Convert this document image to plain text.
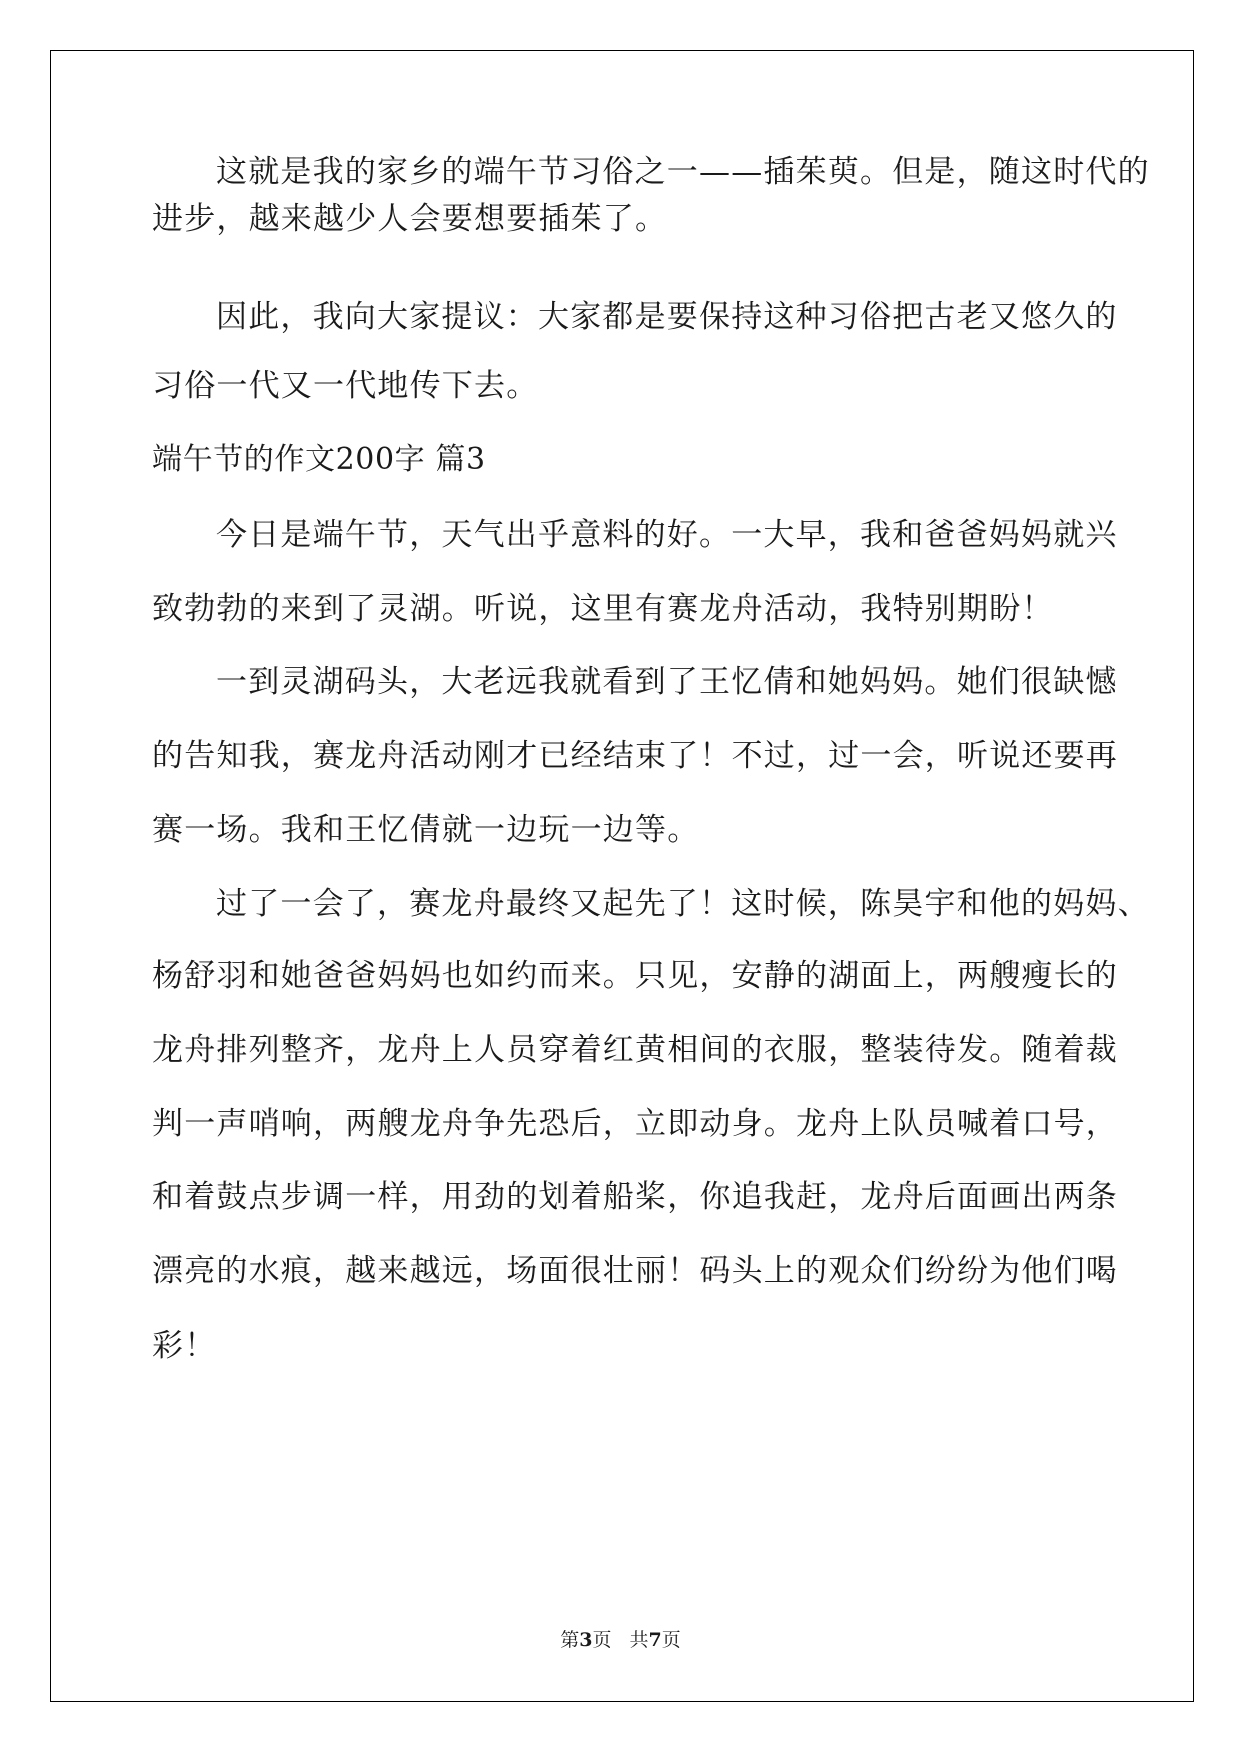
这就是我的家乡的端午节习俗之一——插茱萸。但是，随这时代的
进步，越来越少人会要想要插茱了。
因此，我向大家提议：大家都是要保持这种习俗把古老又悠久的
习俗一代又一代地传下去。
端午节的作文200字 篇3
今日是端午节，天气出乎意料的好。一大早，我和爸爸妈妈就兴
致勃勃的来到了灵湖。听说，这里有赛龙舟活动，我特别期盼！
一到灵湖码头，大老远我就看到了王忆倩和她妈妈。她们很缺憾
的告知我，赛龙舟活动刚才已经结束了！不过，过一会，听说还要再
赛一场。我和王忆倩就一边玩一边等。
过了一会了，赛龙舟最终又起先了！这时候，陈昊宇和他的妈妈、
杨舒羽和她爸爸妈妈也如约而来。只见，安静的湖面上，两艘瘦长的
龙舟排列整齐，龙舟上人员穿着红黄相间的衣服，整装待发。随着裁
判一声哨响，两艘龙舟争先恐后，立即动身。龙舟上队员喊着口号，
和着鼓点步调一样，用劲的划着船桨，你追我赶，龙舟后面画出两条
漂亮的水痕，越来越远，场面很壮丽！码头上的观众们纷纷为他们喝
彩！
第3页 共7页
